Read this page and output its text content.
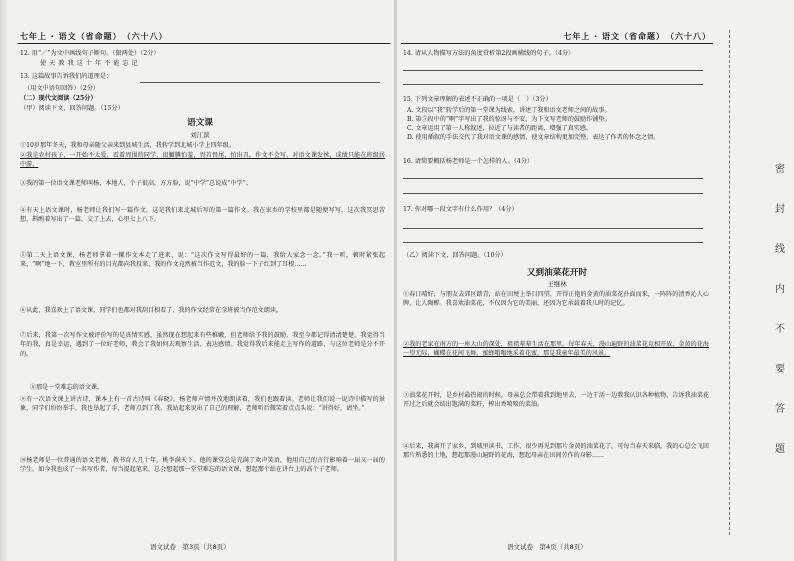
七年上 · 语文（省命题）　（六十八）
12. 用“／”为文中画线句子断句。（限两处）（2分）
使 天 教 我 这 十 年 不 能 忘 记
13. 这篇故事告诉我们的道理是：
（用文中语句回答）（2分）
（二）现代文阅读（25分）
（甲）阅读下文，回答问题。（15分）
语文课
刘江滨
①10岁那年冬天，我和母亲随父亲来到县城生活，我转学到北城小学上四年级。
②我是农村孩子，一开始不太爱，看着周围的同学，很腼腆怕羞，畏首畏尾，怕出丑。作文不会写，对语文课发怵，成绩只能在班级居中游。
③我的第一位语文课老师叫杨，本地人，个子很高，方方脸，说“中学”总说成“中学”。
④有天上语文课时，杨老师让我们写一篇作文，这是我们来北城后写的第一篇作文。我在家乡的学校里都是随便写写，这次我冥思苦想，斟酌着写出了一篇，交了上去，心里七上八下。
⑤第二天上语文课，杨老师拿着一摞作文本走了进来，说：“这次作文写得最好的一篇，我给大家念一念。”我一听，顿时紧张起来，“啊”地一下，教室里所有的目光都向我投来，我的作文竟然被当作范文，我的脸一下子红到了耳根……
⑥从此，我喜欢上了语文课，同学们也都对我刮目相看了，我的作文经常在全班被当作范文朗读。
⑦后来，我第一次写作文被评价写的是真情实感，虽然现在想起来有些稚嫩，但老师给予我的鼓励，我至今都记得清清楚楚。我觉得当年的我，真是幸运，遇到了一位好老师，教会了我如何去观察生活、表达感情。我觉得我后来能走上写作的道路，与这位老师是分不开的。
⑧那是一堂难忘的语文课。
⑨有一次语文课上讲古诗，课本上有一首古诗叫《春晓》，杨老师声情并茂地朗读着，我们也跟着读。老师让我们说一说诗中描写的景象，同学们纷纷举手，我也举起了手，老师点到了我，我站起来说出了自己的理解，老师听后微笑着点点头说：“讲得好，请坐。”
⑩杨老师是一位普通的语文老师，教书育人几十年，桃李满天下。他的课堂总是充满了欢声笑语，他用自己的言行影响着一届又一届的学生。如今我也成了一名写作者，每当提起笔来，总会想起那一堂堂难忘的语文课，想起那个站在讲台上的高个子老师。
语文试卷　第3页（共8页）
七年上 · 语文（省命题）　（六十八）
14. 请从人物描写方法的角度赏析第2段画横线的句子。（4分）
15. 下列文章理解的表述不正确的一项是（　）（3分）
A. 文段以“我”转学后的第一堂课为线索，讲述了我和语文老师之间的故事。
B. 第⑤段中的“啊”字写出了我的惊讶与不安，为下文写老师的鼓励作铺垫。
C. 文章运用了第一人称叙述，拉近了与读者的距离，增强了真实感。
D. 使用插叙的手法交代了我对语文课的感情，使文章结构更加完整，表达了作者的怀念之情。
16. 请简要概括杨老师是一个怎样的人。（4分）
17. 你对哪一段文字有什么作用？（4分）
（乙）阅读下文，回答问题。（10分）
又到油菜花开时
王继林
①春日晴好，与朋友去郊区踏青，站在田埂上举目四望，开得正艳的金黄的油菜花扑面而来，一阵阵的清香沁人心脾，让人陶醉。我喜欢油菜花，不仅因为它的美丽，还因为它承载着我儿时的记忆。
②我的老家在南方的一座大山的深处，祖祖辈辈生活在那里。每年春天，漫山遍野的油菜花竞相开放，金黄的花海一望无际，蝴蝶在花间飞舞，蜜蜂嗡嗡地采着花蜜，那是我童年最美的风景。
③油菜花开时，是乡村最热闹的时候。母亲总会带着我到地里去，一边干活一边教我认识各种植物，告诉我油菜花开过之后就会结出饱满的菜籽，榨出香喷喷的菜油。
④后来，我离开了家乡，到城里读书、工作，很少再见到那片金黄的油菜花了。可每当春天来临，我的心总会飞回那片熟悉的土地，想起那漫山遍野的花海，想起母亲在田间劳作的身影……
语文试卷　第4页（共8页）
密
封
线
内
不
要
答
题
